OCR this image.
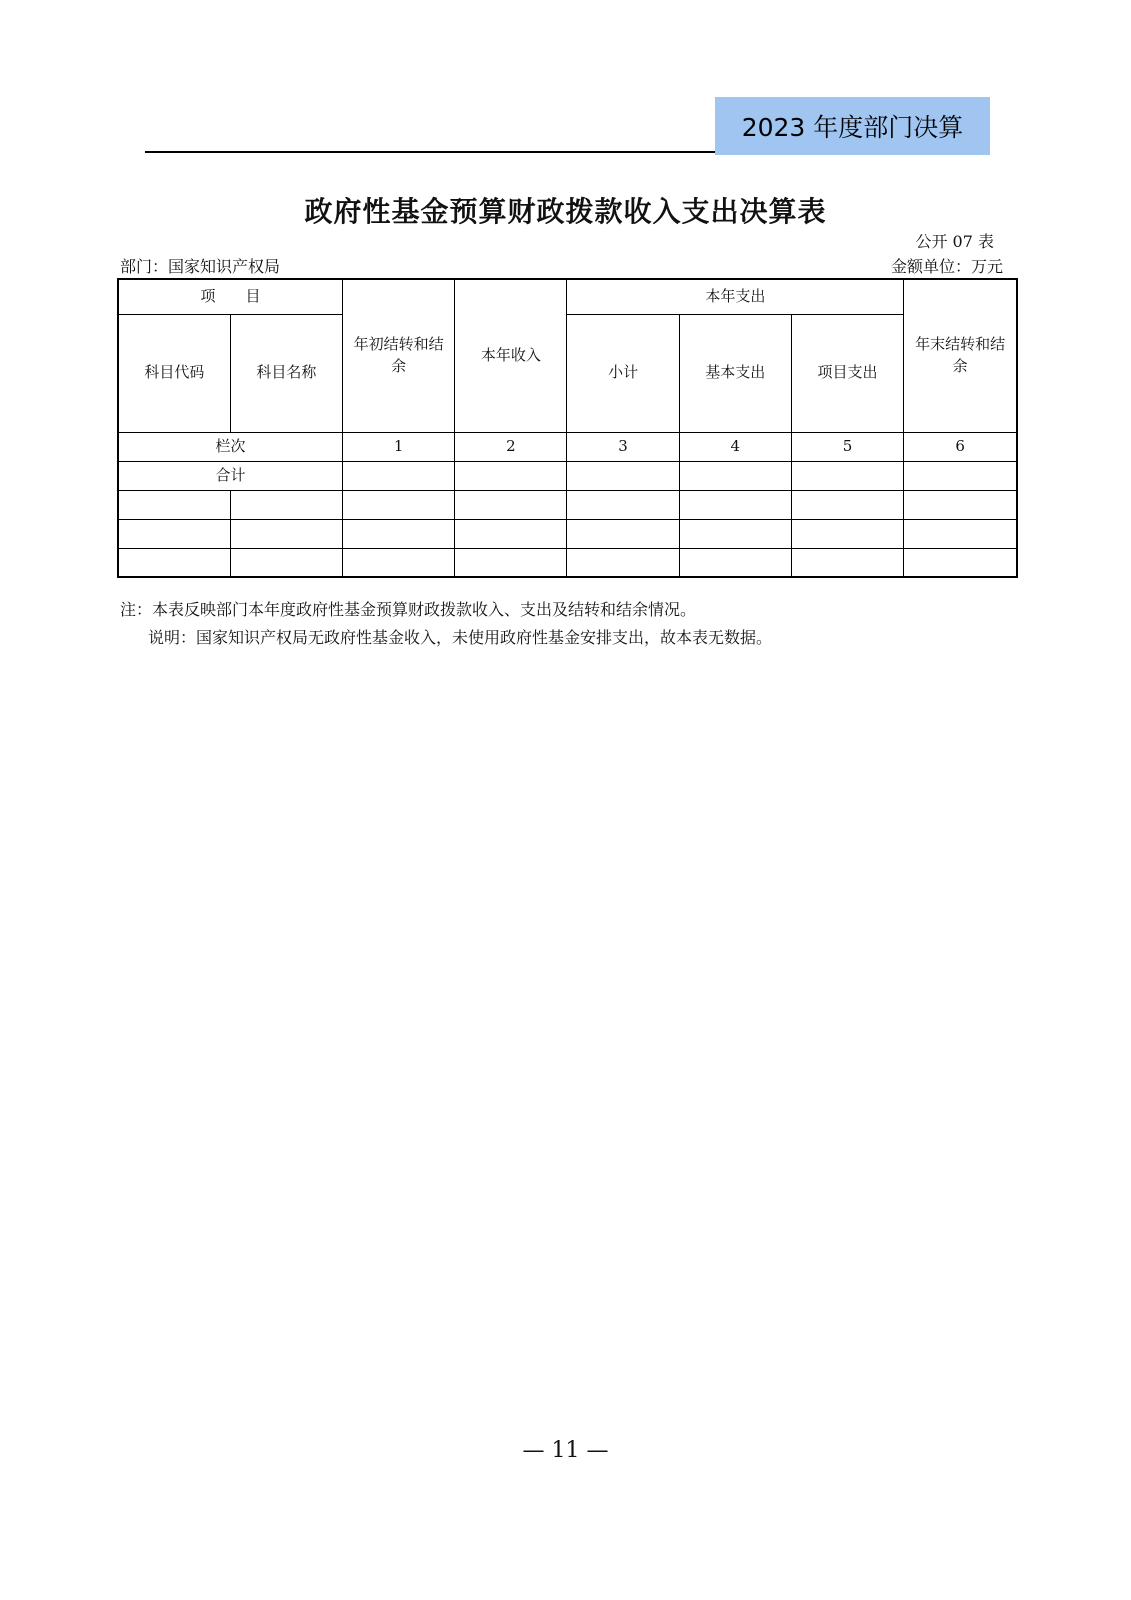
2023 年度部门决算
政府性基金预算财政拨款收入支出决算表
公开 07 表
部门：国家知识产权局	金额单位：万元
项　　目		年初结转和结余	本年收入	本年支出			年末结转和结余
科目代码	科目名称			小计	基本支出	项目支出	
栏次		1	2	3	4	5	6
合计							

注：本表反映部门本年度政府性基金预算财政拨款收入、支出及结转和结余情况。
说明：国家知识产权局无政府性基金收入，未使用政府性基金安排支出，故本表无数据。
— 11 —
